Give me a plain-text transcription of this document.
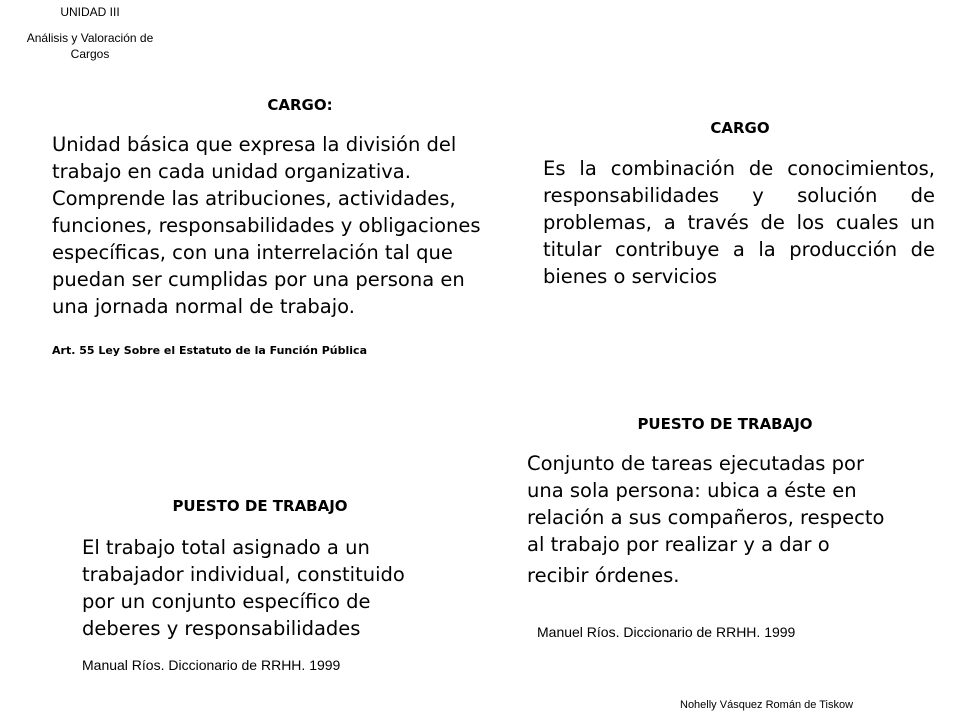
UNIDAD III
Análisis y Valoración de Cargos
CARGO:
Unidad básica que expresa la división del
trabajo en cada unidad organizativa.
Comprende las atribuciones, actividades,
funciones, responsabilidades y obligaciones
específicas, con una interrelación tal que
puedan ser cumplidas por una persona en
una jornada normal de trabajo.
Art. 55 Ley Sobre el Estatuto de la Función Pública
CARGO
Es la combinación de conocimientos,
responsabilidades y solución de
problemas, a través de los cuales un
titular contribuye a la producción de
bienes o servicios
PUESTO DE TRABAJO
Conjunto de tareas ejecutadas por
una sola persona: ubica a éste en
relación a sus compañeros, respecto
al trabajo por realizar y a dar o
recibir órdenes.
Manuel Ríos. Diccionario de RRHH. 1999
PUESTO DE TRABAJO
El trabajo total asignado a un
trabajador individual, constituido
por un conjunto específico de
deberes y responsabilidades
Manual Ríos. Diccionario de RRHH. 1999
Nohelly Vásquez Román de Tiskow
